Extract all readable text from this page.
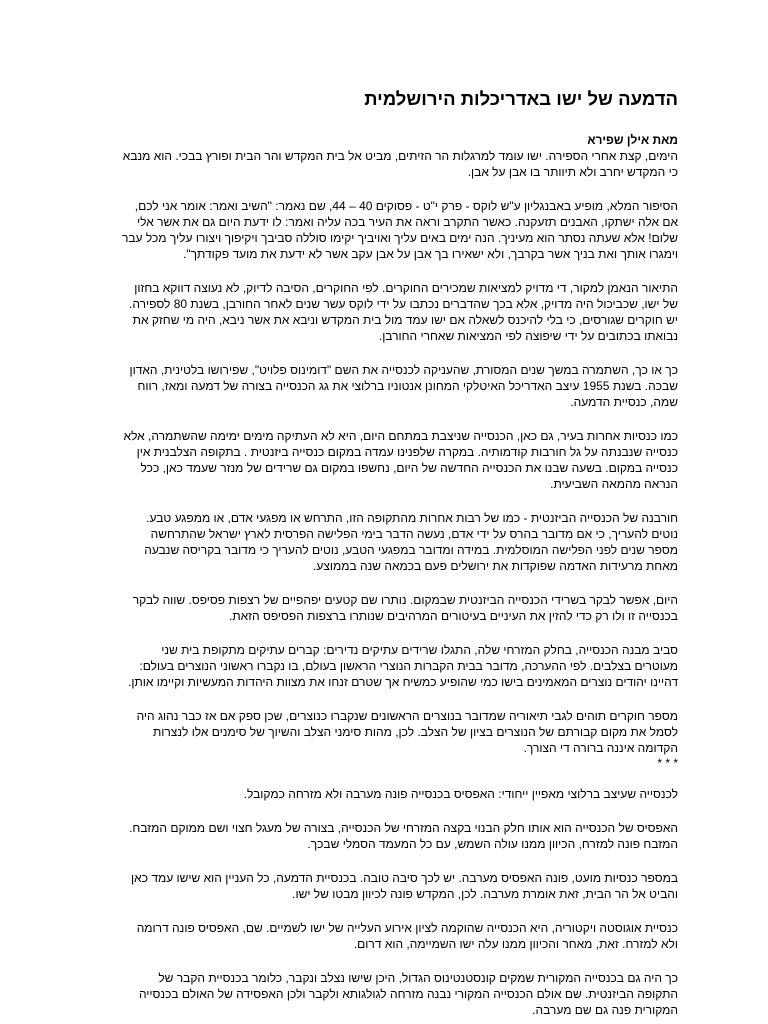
הדמעה של ישו באדריכלות הירושלמית
מאת אילן שפירא

הימים, קצת אחרי הספירה. ישו עומד למרגלות הר הזיתים, מביט אל בית המקדש והר הבית ופורץ בבכי. הוא מנבא כי המקדש יחרב ולא תיוותר בו אבן על אבן.

הסיפור המלא, מופיע באבנגליון ע"ש לוקס - פרק י"ט - פסוקים 40 – 44, שם נאמר: "השיב ואמר: אומר אני לכם, אם אלה ישתקו, האבנים תזעקנה. כאשר התקרב וראה את העיר בכה עליה ואמר: לו ידעת היום גם את אשר אלי שלום! אלא שעתה נסתר הוא מעיניך. הנה ימים באים עליך ואויביך יקימו סוללה סביבך ויקיפוך ויצורו עליך מכל עבר וימגרו אותך ואת בניך אשר בקרבך, ולא ישאירו בך אבן על אבן עקב אשר לא ידעת את מועד פקודתך".

התיאור הנאמן למקור, די מדויק למציאות שמכירים החוקרים. לפי החוקרים, הסיבה לדיוק, לא נעוצה דווקא בחזון של ישו, שכביכול היה מדויק, אלא בכך שהדברים נכתבו על ידי לוקס עשר שנים לאחר החורבן, בשנת 80 לספירה. יש חוקרים שגורסים, כי בלי להיכנס לשאלה אם ישו עמד מול בית המקדש וניבא את אשר ניבא, היה מי שחזק את נבואתו בכתובים על ידי שיפוצה לפי המציאות שאחרי החורבן.

כך או כך, השתמרה במשך שנים המסורת, שהעניקה לכנסייה את השם "דומינוס פלויט", שפירושו בלטינית, האדון שבכה. בשנת 1955 עיצב האדריכל האיטלקי המחונן אנטוניו ברלוצי את גג הכנסייה בצורה של דמעה ומאז, רווח שמה, כנסיית הדמעה.

כמו כנסיות אחרות בעיר, גם כאן, הכנסייה שניצבת במתחם היום, היא לא העתיקה מימים ימימה שהשתמרה, אלא כנסייה שנבנתה על גל חורבות קודמותיה. במקרה שלפנינו עמדה במקום כנסייה ביזנטית . בתקופה הצלבנית אין כנסייה במקום. בשעה שבנו את הכנסייה החדשה של היום, נחשפו במקום גם שרידים של מנזר שעמד כאן, ככל הנראה מהמאה השביעית.

חורבנה של הכנסייה הביזנטית - כמו של רבות אחרות מהתקופה הזו, התרחש או מפגעי אדם, או ממפגע טבע. נוטים להעריך, כי אם מדובר בהרס על ידי אדם, נעשה הדבר בימי הפלישה הפרסית לארץ ישראל שהתרחשה מספר שנים לפני הפלישה המוסלמית. במידה ומדובר במפגעי הטבע, נוטים להעריך כי מדובר בקריסה שנבעה מאחת מרעידות האדמה שפוקדות את ירושלים פעם בכמאה שנה בממוצע.

היום, אפשר לבקר בשרידי הכנסייה הביזנטית שבמקום. נותרו שם קטעים יפהפיים של רצפות פסיפס. שווה לבקר בכנסייה זו ולו רק כדי להזין את העיניים בעיטורים המרהיבים שנותרו ברצפות הפסיפס הזאת.

סביב מבנה הכנסייה, בחלק המזרחי שלה, התגלו שרידים עתיקים נדירים: קברים עתיקים מתקופת בית שני מעוטרים בצלבים. לפי ההערכה, מדובר בבית הקברות הנוצרי הראשון בעולם, בו נקברו ראשוני הנוצרים בעולם: דהיינו יהודים נוצרים המאמינים בישו כמי שהופיע כמשיח אך שטרם זנחו את מצוות היהדות המעשיות וקיימו אותן.

מספר חוקרים תוהים לגבי תיאוריה שמדובר בנוצרים הראשונים שנקברו כנוצרים, שכן ספק אם אז כבר נהוג היה לסמל את מקום קבורתם של הנוצרים בציון של הצלב. לכן, מהות סימני הצלב והשיוך של סימנים אלו לנצרות הקדומה איננה ברורה די הצורך.

* * *

לכנסייה שעיצב ברלוצי מאפיין ייחודי: האפסיס בכנסייה פונה מערבה ולא מזרחה כמקובל.

האפסיס של הכנסייה הוא אותו חלק הבנוי בקצה המזרחי של הכנסייה, בצורה של מעגל חצוי ושם ממוקם המזבח. המזבח פונה למזרח, הכיוון ממנו עולה השמש, עם כל המעמד הסמלי שבכך.

במספר כנסיות מועט, פונה האפסיס מערבה. יש לכך סיבה טובה. בכנסיית הדמעה, כל העניין הוא שישו עמד כאן והביט אל הר הבית, זאת אומרת מערבה. לכן, המקדש פונה לכיוון מבטו של ישו.

כנסיית אוגוסטה ויקטוריה, היא הכנסייה שהוקמה לציון אירוע העלייה של ישו לשמיים. שם, האפסיס פונה דרומה ולא למזרח. זאת, מאחר והכיוון ממנו עלה ישו השמיימה, הוא דרום.

כך היה גם בכנסייה המקורית שמקים קונסטנטינוס הגדול, היכן שישו נצלב ונקבר, כלומר בכנסיית הקבר של התקופה הביזנטית. שם אולם הכנסייה המקורי נבנה מזרחה לגולגותא ולקבר ולכן האפסידה של האולם בכנסייה המקורית פנה גם שם מערבה.
